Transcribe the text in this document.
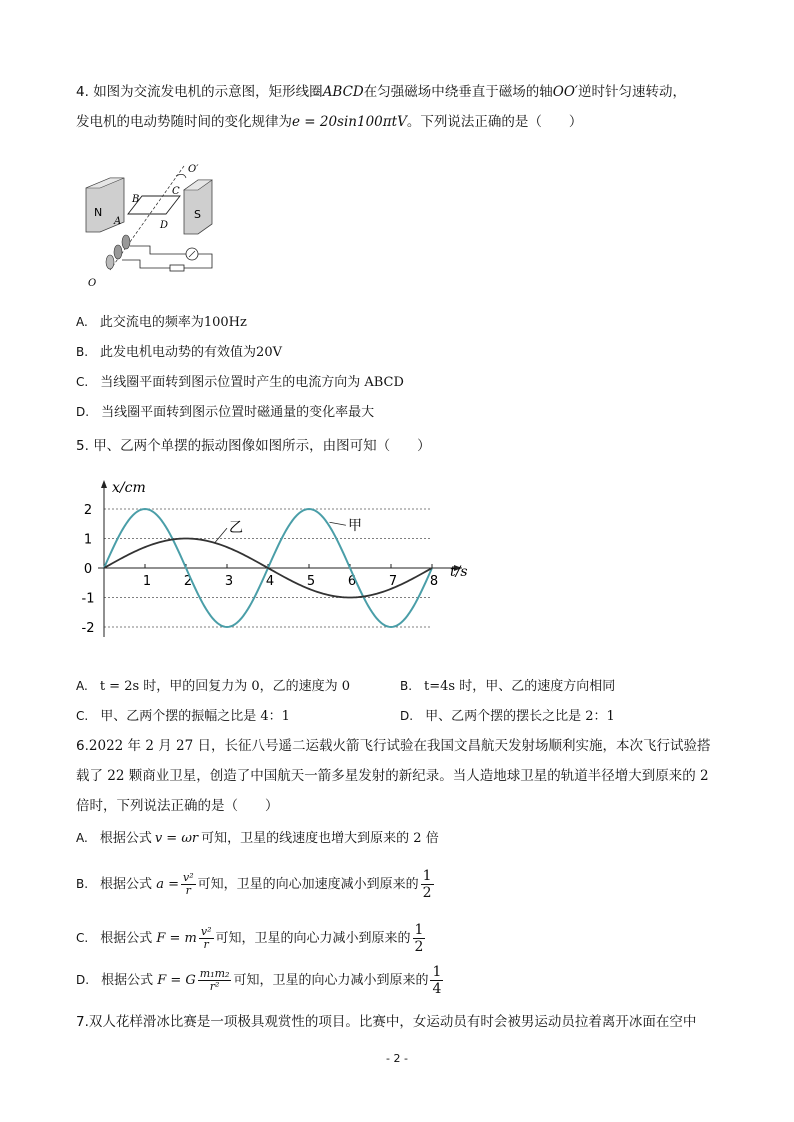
4. 如图为交流发电机的示意图，矩形线圈ABCD在匀强磁场中绕垂直于磁场的轴OO′逆时针匀速转动，
发电机的电动势随时间的变化规律为e = 20sin100πtV。下列说法正确的是（　　）
N	S
O′
O
B
C
A	D
A. 此交流电的频率为100Hz
B. 此发电机电动势的有效值为20V
C. 当线圈平面转到图示位置时产生的电流方向为 ABCD
D. 当线圈平面转到图示位置时磁通量的变化率最大
5. 甲、乙两个单摆的振动图像如图所示，由图可知（　　）
x/cm
t/s
2
1
0
-1
-2
1	2	3	4	5	6	7	8
甲
乙
A. t = 2s 时，甲的回复力为 0，乙的速度为 0	B. t=4s 时，甲、乙的速度方向相同
C. 甲、乙两个摆的振幅之比是 4：1	D. 甲、乙两个摆的摆长之比是 2：1
6.2022 年 2 月 27 日，长征八号遥二运载火箭飞行试验在我国文昌航天发射场顺利实施，本次飞行试验搭
载了 22 颗商业卫星，创造了中国航天一箭多星发射的新纪录。当人造地球卫星的轨道半径增大到原来的 2
倍时，下列说法正确的是（　　）
A. 根据公式 v = ωr 可知，卫星的线速度也增大到原来的 2 倍
B. 根据公式 $a = \frac{\text{v²}}{r}$ 可知，卫星的向心加速度减小到原来的 $\frac{1}{2}$
C. 根据公式 F = m $\frac{\text{v²}}{r}$ 可知，卫星的向心力减小到原来的 $\frac{1}{2}$
D. 根据公式 F = G $\frac{\text{m₁m₂}}{\text{r²}}$ 可知，卫星的向心力减小到原来的 $\frac{1}{4}$
7.双人花样滑冰比赛是一项极具观赏性的项目。比赛中，女运动员有时会被男运动员拉着离开冰面在空中
- 2 -
